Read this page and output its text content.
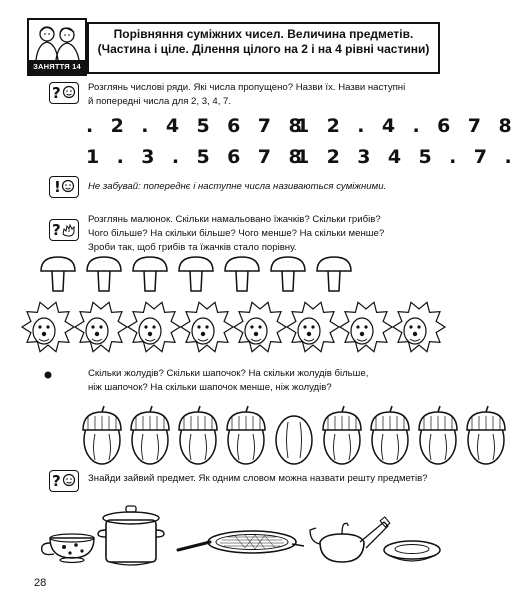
ЗАНЯТТЯ 14
Порівняння суміжних чисел. Величина предметів.
(Частина і ціле. Ділення цілого на 2 і на 4 рівні частини)
?	Розглянь числові ряди. Які числа пропущено? Назви їх. Назви наступні
й попередні числа для 2, 3, 4, 7.
. 2 . 4 5 6 7 8
1 2 . 4 . 6 7 8
1 . 3 . 5 6 7 8
1 2 3 4 5 . 7 .
!	Не забувай: попереднє і наступне числа називаються суміжними.
?
Розглянь малюнок. Скільки намальовано їжачків? Скільки грибів?
Чого більше? На скільки більше? Чого менше? На скільки менше?
Зроби так, щоб грибів та їжачків стало порівну.
Скільки жолудів? Скільки шапочок? На скільки жолудів більше,
ніж шапочок? На скільки шапочок менше, ніж жолудів?
?	Знайди зайвий предмет. Як одним словом можна назвати решту предметів?
28
